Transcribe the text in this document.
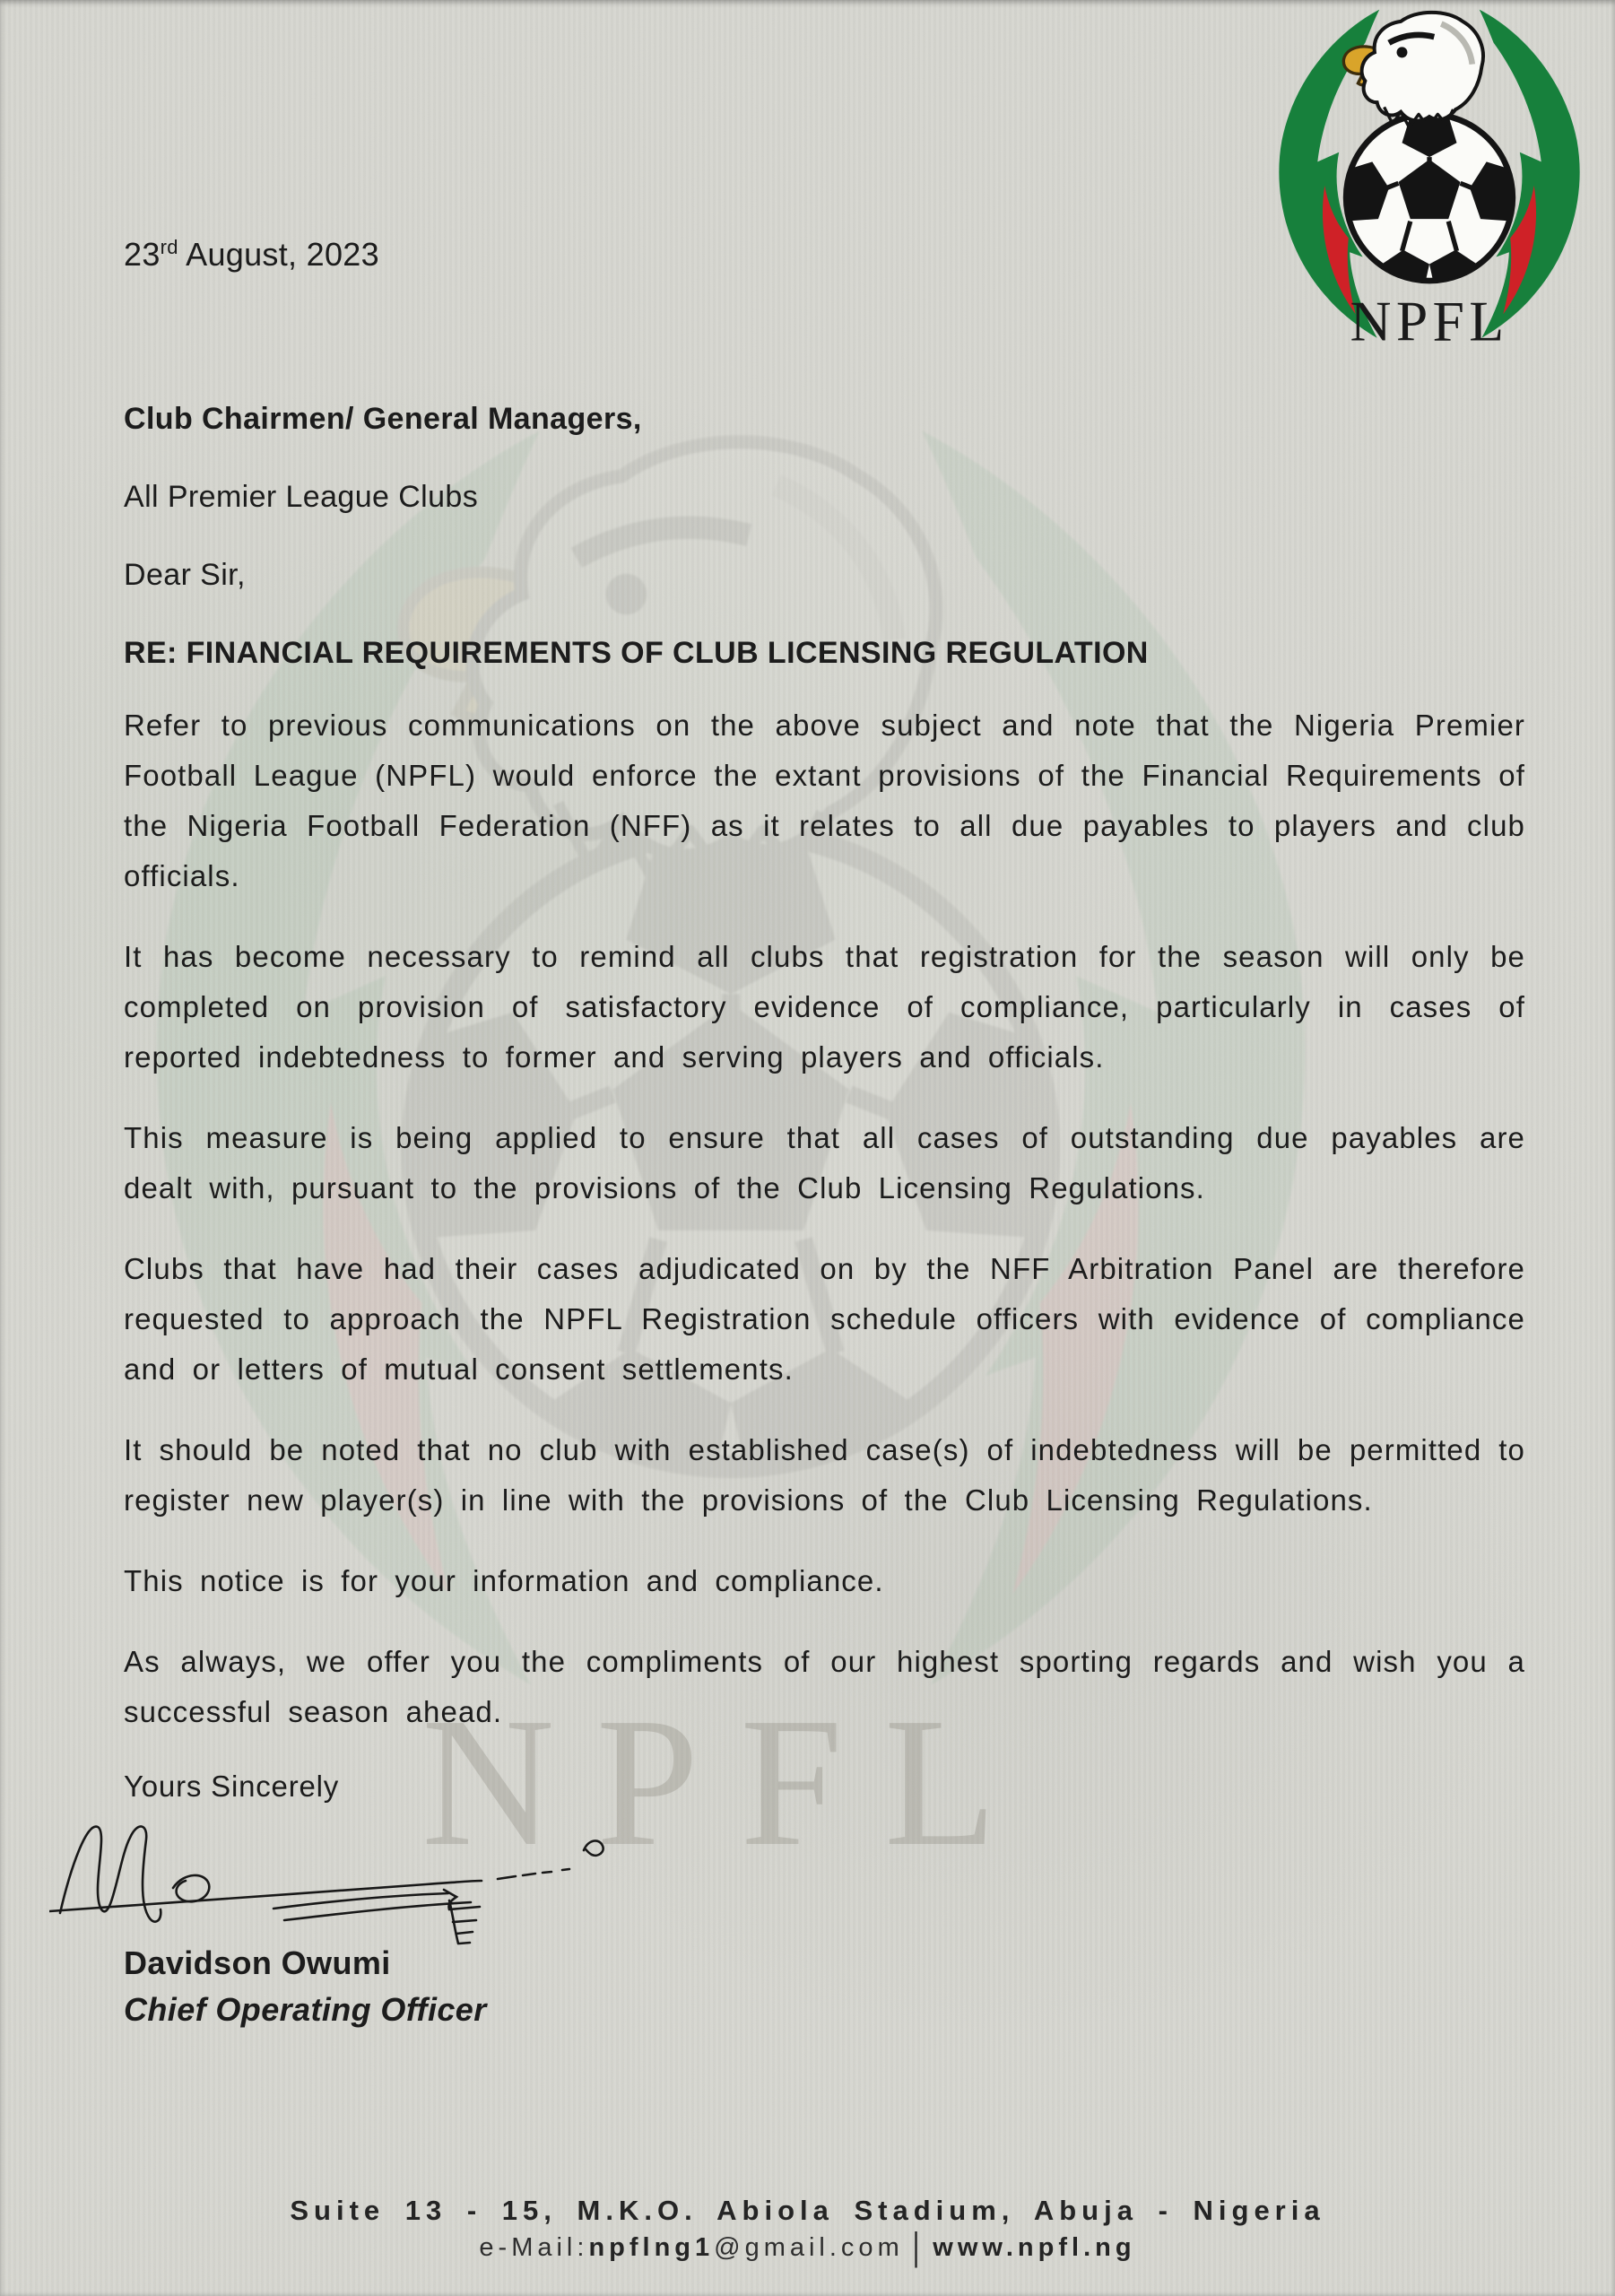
NPFL
NPFL
23rd August, 2023
Club Chairmen/ General Managers,
All Premier League Clubs
Dear Sir,
RE: FINANCIAL REQUIREMENTS OF CLUB LICENSING REGULATION

Refer to previous communications on the above subject and note that the Nigeria Premier Football League (NPFL) would enforce the extant provisions of the Financial Requirements of the Nigeria Football Federation (NFF) as it relates to all due payables to players and club officials.

It has become necessary to remind all clubs that registration for the season will only be completed on provision of satisfactory evidence of compliance, particularly in cases of reported indebtedness to former and serving players and officials.

This measure is being applied to ensure that all cases of outstanding due payables are dealt with, pursuant to the provisions of the Club Licensing Regulations.

Clubs that have had their cases adjudicated on by the NFF Arbitration Panel are therefore requested to approach the NPFL Registration schedule officers with evidence of compliance and or letters of mutual consent settlements.

It should be noted that no club with established case(s) of indebtedness will be permitted to register new player(s) in line with the provisions of the Club Licensing Regulations.

This notice is for your information and compliance.

As always, we offer you the compliments of our highest sporting regards and wish you a successful season ahead.

Yours Sincerely
Davidson Owumi
Chief Operating Officer
Suite 13 - 15, M.K.O. Abiola Stadium, Abuja - Nigeria
e-Mail:npflng1@gmail.com | www.npfl.ng
